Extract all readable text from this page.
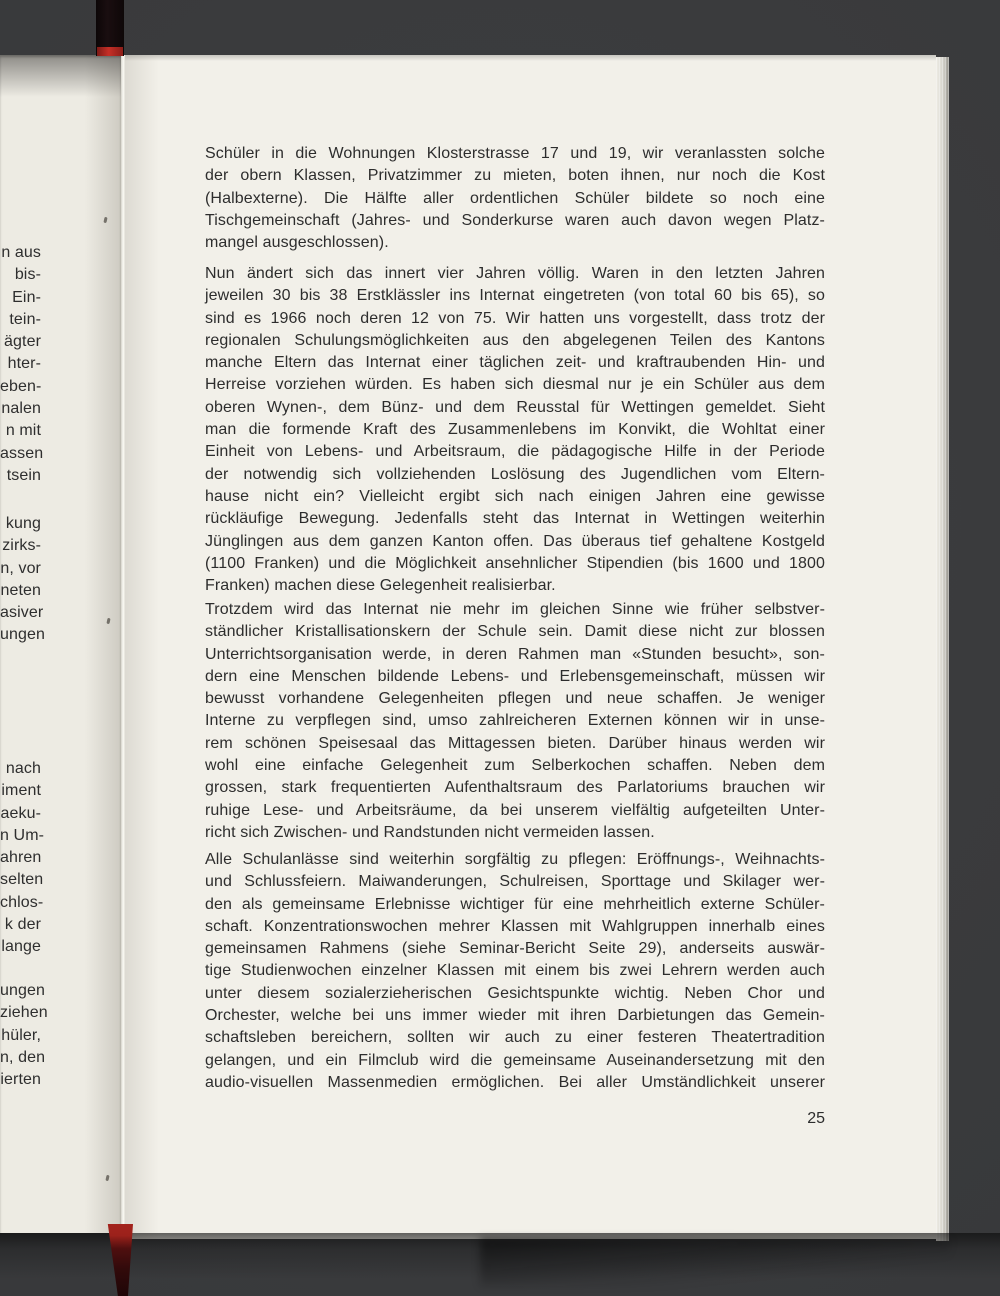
n aus
bis-
Ein-
tein-
ägter
hter-
eben-
nalen
n mit
assen
tsein
kung
zirks-
n, vor
neten
asiver
ungen
nach
iment
aeku-
n Um-
ahren
selten
chlos-
k der
lange
ungen
ziehen
hüler,
n, den
ierten
Schüler in die Wohnungen Klosterstrasse 17 und 19, wir veranlassten solche
der obern Klassen, Privatzimmer zu mieten, boten ihnen, nur noch die Kost
(Halbexterne). Die Hälfte aller ordentlichen Schüler bildete so noch eine
Tischgemeinschaft (Jahres- und Sonderkurse waren auch davon wegen Platz-
mangel ausgeschlossen).
Nun ändert sich das innert vier Jahren völlig. Waren in den letzten Jahren
jeweilen 30 bis 38 Erstklässler ins Internat eingetreten (von total 60 bis 65), so
sind es 1966 noch deren 12 von 75. Wir hatten uns vorgestellt, dass trotz der
regionalen Schulungsmöglichkeiten aus den abgelegenen Teilen des Kantons
manche Eltern das Internat einer täglichen zeit- und kraftraubenden Hin- und
Herreise vorziehen würden. Es haben sich diesmal nur je ein Schüler aus dem
oberen Wynen-, dem Bünz- und dem Reusstal für Wettingen gemeldet. Sieht
man die formende Kraft des Zusammenlebens im Konvikt, die Wohltat einer
Einheit von Lebens- und Arbeitsraum, die pädagogische Hilfe in der Periode
der notwendig sich vollziehenden Loslösung des Jugendlichen vom Eltern-
hause nicht ein? Vielleicht ergibt sich nach einigen Jahren eine gewisse
rückläufige Bewegung. Jedenfalls steht das Internat in Wettingen weiterhin
Jünglingen aus dem ganzen Kanton offen. Das überaus tief gehaltene Kostgeld
(1100 Franken) und die Möglichkeit ansehnlicher Stipendien (bis 1600 und 1800
Franken) machen diese Gelegenheit realisierbar.
Trotzdem wird das Internat nie mehr im gleichen Sinne wie früher selbstver-
ständlicher Kristallisationskern der Schule sein. Damit diese nicht zur blossen
Unterrichtsorganisation werde, in deren Rahmen man «Stunden besucht», son-
dern eine Menschen bildende Lebens- und Erlebensgemeinschaft, müssen wir
bewusst vorhandene Gelegenheiten pflegen und neue schaffen. Je weniger
Interne zu verpflegen sind, umso zahlreicheren Externen können wir in unse-
rem schönen Speisesaal das Mittagessen bieten. Darüber hinaus werden wir
wohl eine einfache Gelegenheit zum Selberkochen schaffen. Neben dem
grossen, stark frequentierten Aufenthaltsraum des Parlatoriums brauchen wir
ruhige Lese- und Arbeitsräume, da bei unserem vielfältig aufgeteilten Unter-
richt sich Zwischen- und Randstunden nicht vermeiden lassen.
Alle Schulanlässe sind weiterhin sorgfältig zu pflegen: Eröffnungs-, Weihnachts-
und Schlussfeiern. Maiwanderungen, Schulreisen, Sporttage und Skilager wer-
den als gemeinsame Erlebnisse wichtiger für eine mehrheitlich externe Schüler-
schaft. Konzentrationswochen mehrer Klassen mit Wahlgruppen innerhalb eines
gemeinsamen Rahmens (siehe Seminar-Bericht Seite 29), anderseits auswär-
tige Studienwochen einzelner Klassen mit einem bis zwei Lehrern werden auch
unter diesem sozialerzieherischen Gesichtspunkte wichtig. Neben Chor und
Orchester, welche bei uns immer wieder mit ihren Darbietungen das Gemein-
schaftsleben bereichern, sollten wir auch zu einer festeren Theatertradition
gelangen, und ein Filmclub wird die gemeinsame Auseinandersetzung mit den
audio-visuellen Massenmedien ermöglichen. Bei aller Umständlichkeit unserer
25
